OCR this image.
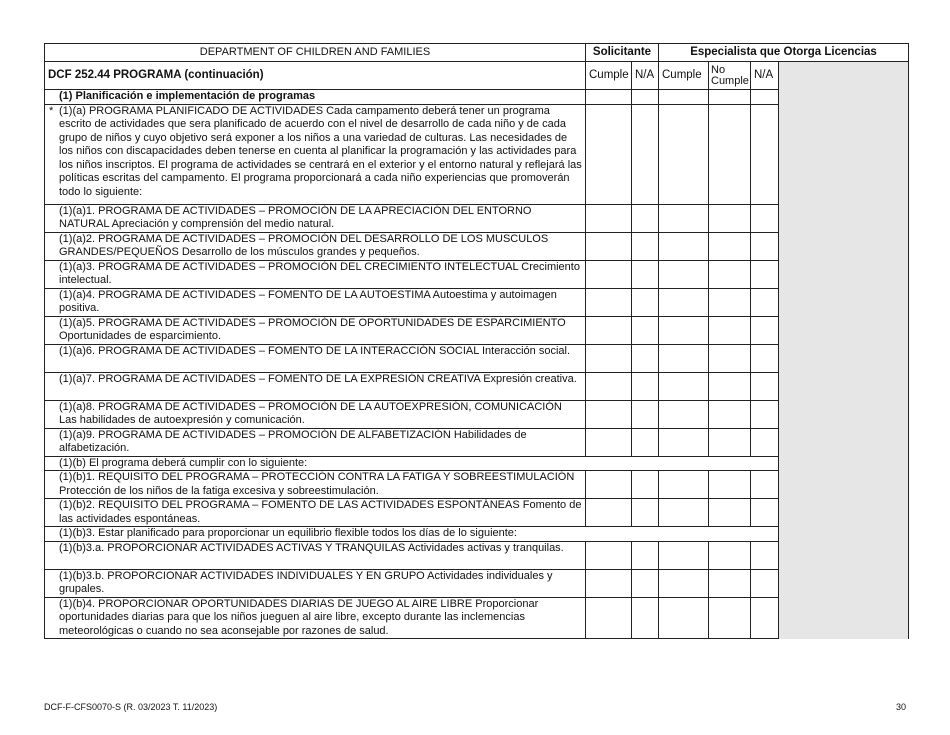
DEPARTMENT OF CHILDREN AND FAMILIES	Solicitante		Especialista que Otorga Licencias			
DCF 252.44 PROGRAMA (continuación)	Cumple	N/A	Cumple	No Cumple	N/A	
(1) Planificación e implementación de programas						

* (1)(a) PROGRAMA PLANIFICADO DE ACTIVIDADES Cada campamento deberá tener un programa escrito de actividades que sera planificado de acuerdo con el nivel de desarrollo de cada niño y de cada grupo de niños y cuyo objetivo será exponer a los niños a una variedad de culturas. Las necesidades de los niños con discapacidades deben tenerse en cuenta al planificar la programación y las actividades para los niños inscriptos. El programa de actividades se centrará en el exterior y el entorno natural y reflejará las políticas escritas del campamento. El programa proporcionará a cada niño experiencias que promoverán todo lo siguiente:						
(1)(a)1. PROGRAMA DE ACTIVIDADES – PROMOCIÓN DE LA APRECIACIÓN DEL ENTORNO NATURAL Apreciación y comprensión del medio natural.						
(1)(a)2. PROGRAMA DE ACTIVIDADES – PROMOCIÓN DEL DESARROLLO DE LOS MUSCULOS GRANDES/PEQUEÑOS Desarrollo de los músculos grandes y pequeños.						
(1)(a)3. PROGRAMA DE ACTIVIDADES – PROMOCIÓN DEL CRECIMIENTO INTELECTUAL Crecimiento intelectual.						
(1)(a)4. PROGRAMA DE ACTIVIDADES – FOMENTO DE LA AUTOESTIMA Autoestima y autoimagen positiva.						
(1)(a)5. PROGRAMA DE ACTIVIDADES – PROMOCIÓN DE OPORTUNIDADES DE ESPARCIMIENTO Oportunidades de esparcimiento.						
(1)(a)6. PROGRAMA DE ACTIVIDADES – FOMENTO DE LA INTERACCIÓN SOCIAL Interacción social.						
(1)(a)7. PROGRAMA DE ACTIVIDADES – FOMENTO DE LA EXPRESIÓN CREATIVA Expresión creativa.						
(1)(a)8. PROGRAMA DE ACTIVIDADES – PROMOCIÓN DE LA AUTOEXPRESIÓN, COMUNICACIÓN Las habilidades de autoexpresión y comunicación.						
(1)(a)9. PROGRAMA DE ACTIVIDADES – PROMOCIÓN DE ALFABETIZACIÓN Habilidades de alfabetización.						
(1)(b) El programa deberá cumplir con lo siguiente:						
(1)(b)1. REQUISITO DEL PROGRAMA – PROTECCIÓN CONTRA LA FATIGA Y SOBREESTIMULACIÓN Protección de los niños de la fatiga excesiva y sobreestimulación.						
(1)(b)2. REQUISITO DEL PROGRAMA – FOMENTO DE LAS ACTIVIDADES ESPONTÁNEAS Fomento de las actividades espontáneas.						
(1)(b)3. Estar planificado para proporcionar un equilibrio flexible todos los días de lo siguiente:						
(1)(b)3.a. PROPORCIONAR ACTIVIDADES ACTIVAS Y TRANQUILAS Actividades activas y tranquilas.						
(1)(b)3.b. PROPORCIONAR ACTIVIDADES INDIVIDUALES Y EN GRUPO Actividades individuales y grupales.						
(1)(b)4. PROPORCIONAR OPORTUNIDADES DIARIAS DE JUEGO AL AIRE LIBRE Proporcionar oportunidades diarias para que los niños jueguen al aire libre, excepto durante las inclemencias meteorológicas o cuando no sea aconsejable por razones de salud.						
DCF-F-CFS0070-S (R. 03/2023 T. 11/2023)	30
